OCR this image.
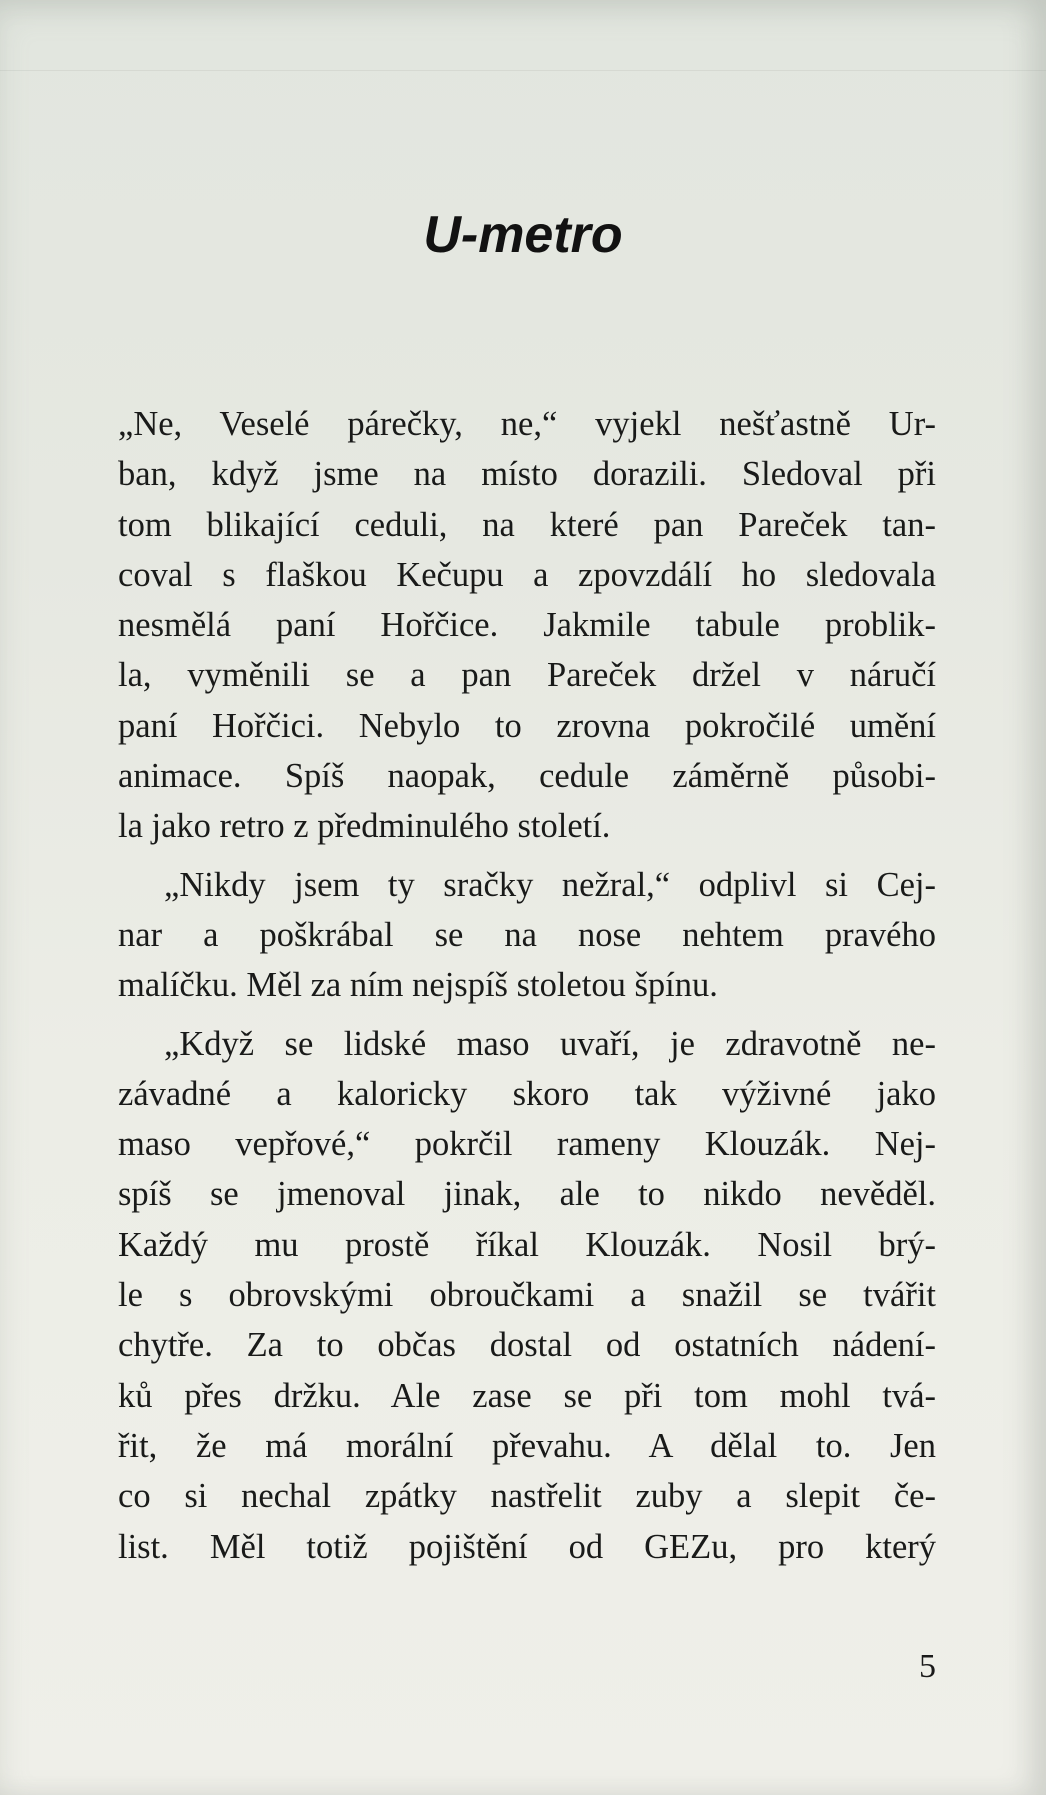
U-metro
„Ne, Veselé párečky, ne,“ vyjekl nešťastně Ur-
ban, když jsme na místo dorazili. Sledoval při
tom blikající ceduli, na které pan Pareček tan-
coval s flaškou Kečupu a zpovzdálí ho sledovala
nesmělá paní Hořčice. Jakmile tabule problik-
la, vyměnili se a pan Pareček držel v náručí
paní Hořčici. Nebylo to zrovna pokročilé umění
animace. Spíš naopak, cedule záměrně působi-
la jako retro z předminulého století.
„Nikdy jsem ty sračky nežral,“ odplivl si Cej-
nar a poškrábal se na nose nehtem pravého
malíčku. Měl za ním nejspíš stoletou špínu.
„Když se lidské maso uvaří, je zdravotně ne-
závadné a kaloricky skoro tak výživné jako
maso vepřové,“ pokrčil rameny Klouzák. Nej-
spíš se jmenoval jinak, ale to nikdo nevěděl.
Každý mu prostě říkal Klouzák. Nosil brý-
le s obrovskými obroučkami a snažil se tvářit
chytře. Za to občas dostal od ostatních nádení-
ků přes držku. Ale zase se při tom mohl tvá-
řit, že má morální převahu. A dělal to. Jen
co si nechal zpátky nastřelit zuby a slepit če-
list. Měl totiž pojištění od GEZu, pro který
5
